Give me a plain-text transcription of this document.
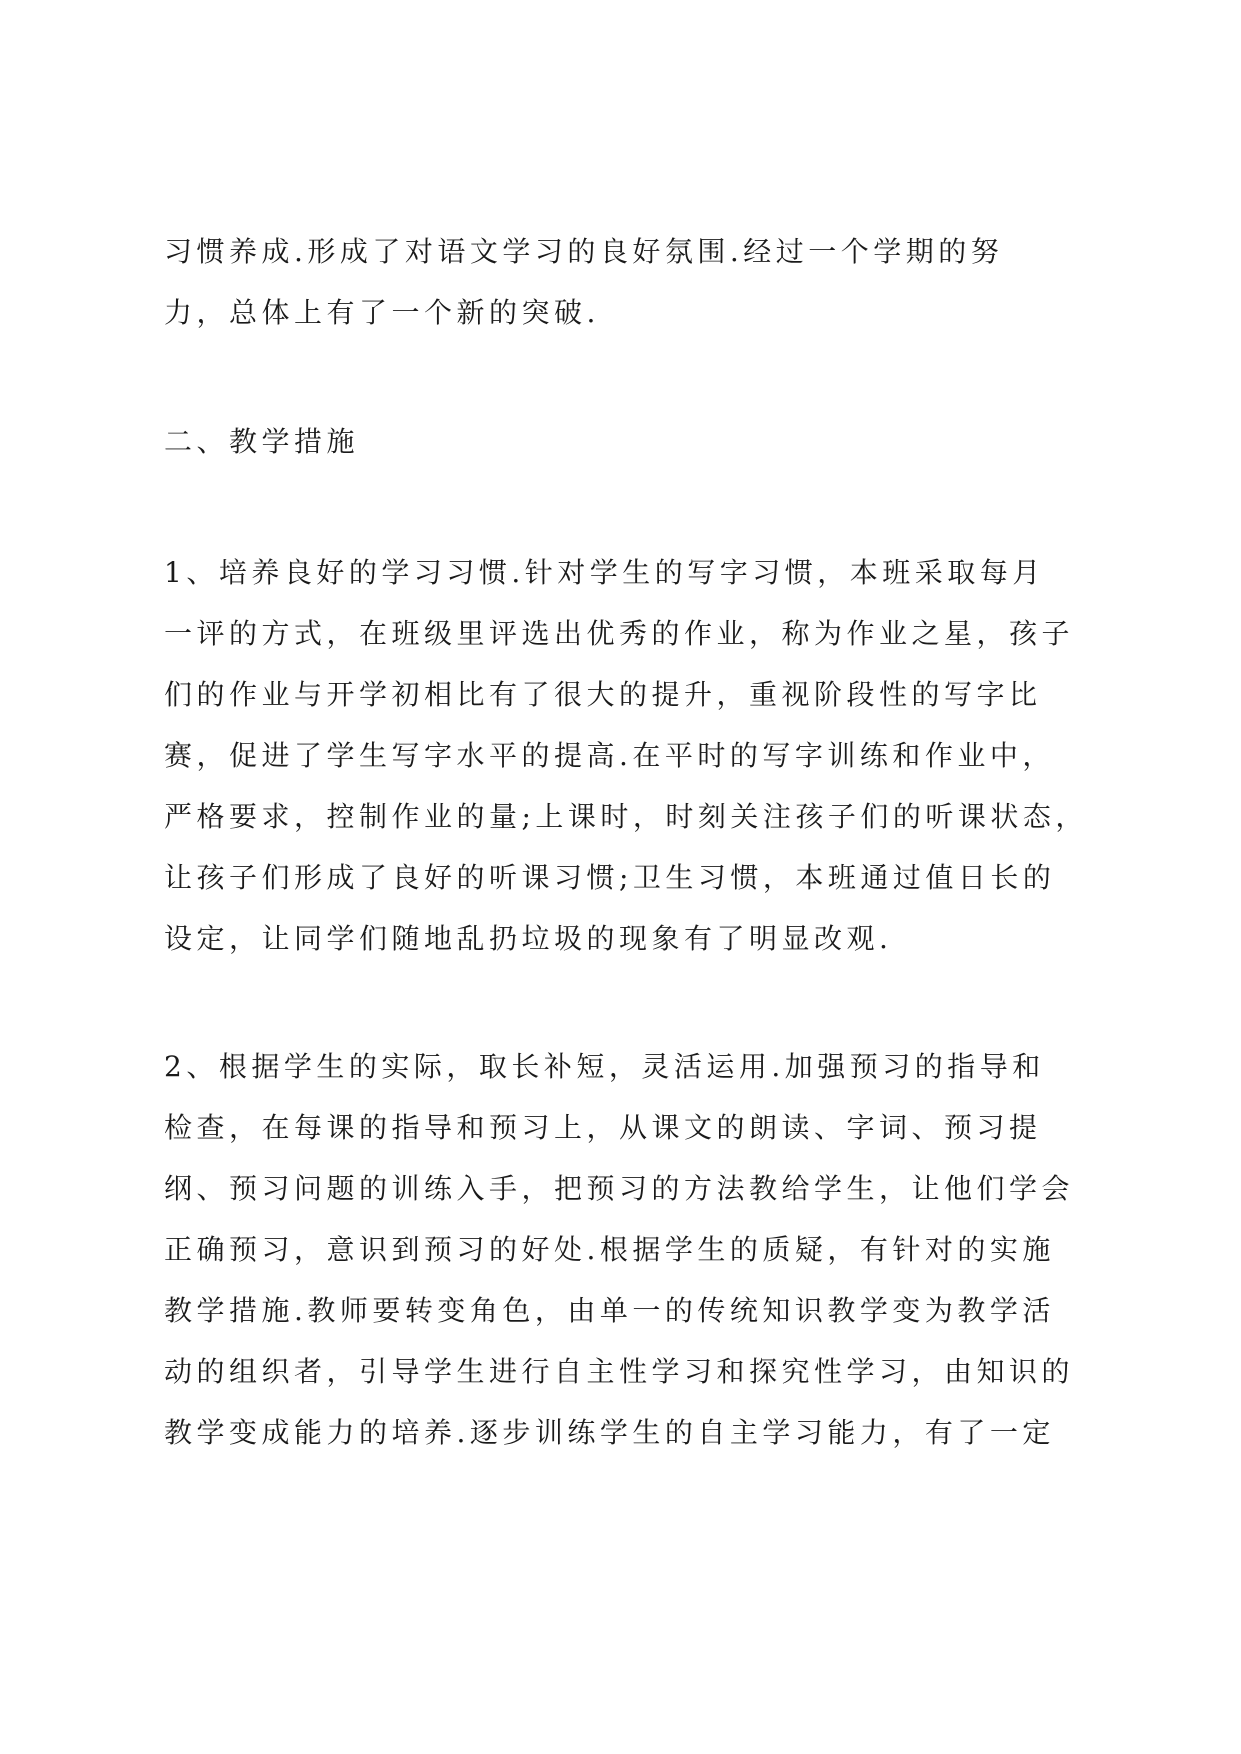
习惯养成.形成了对语文学习的良好氛围.经过一个学期的努

力，总体上有了一个新的突破.

二、教学措施

1、培养良好的学习习惯.针对学生的写字习惯，本班采取每月

一评的方式，在班级里评选出优秀的作业，称为作业之星，孩子

们的作业与开学初相比有了很大的提升，重视阶段性的写字比

赛，促进了学生写字水平的提高.在平时的写字训练和作业中，

严格要求，控制作业的量;上课时，时刻关注孩子们的听课状态，

让孩子们形成了良好的听课习惯;卫生习惯，本班通过值日长的

设定，让同学们随地乱扔垃圾的现象有了明显改观.

2、根据学生的实际，取长补短，灵活运用.加强预习的指导和

检查，在每课的指导和预习上，从课文的朗读、字词、预习提

纲、预习问题的训练入手，把预习的方法教给学生，让他们学会

正确预习，意识到预习的好处.根据学生的质疑，有针对的实施

教学措施.教师要转变角色，由单一的传统知识教学变为教学活

动的组织者，引导学生进行自主性学习和探究性学习，由知识的

教学变成能力的培养.逐步训练学生的自主学习能力，有了一定
